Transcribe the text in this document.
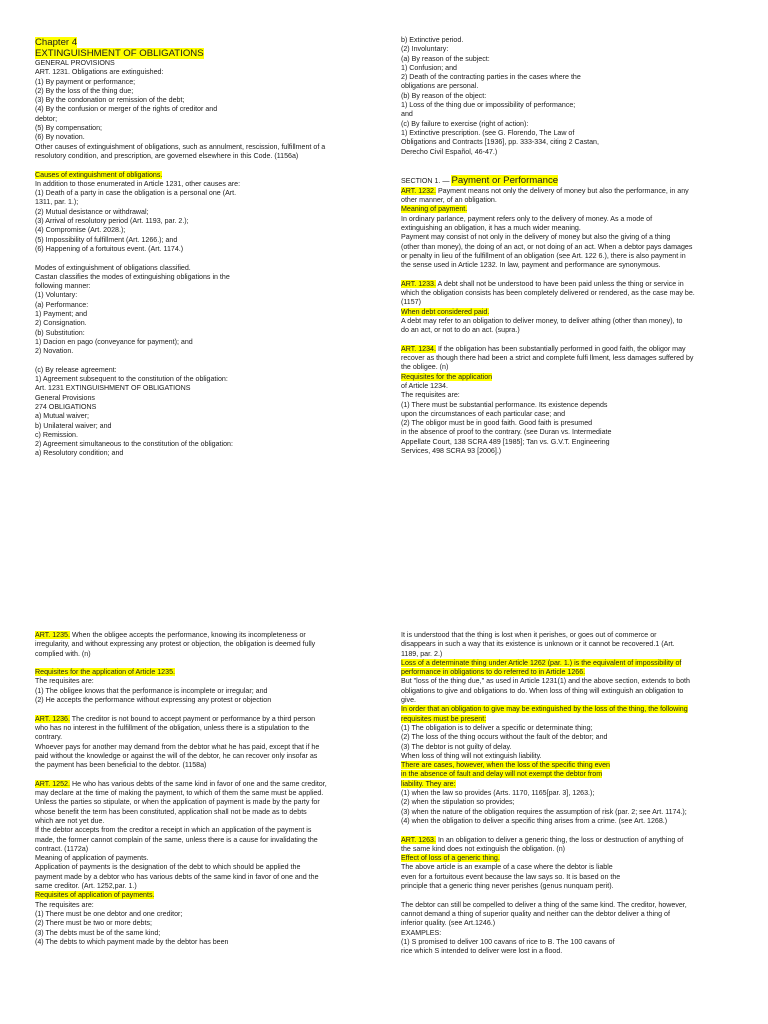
Chapter 4
EXTINGUISHMENT OF OBLIGATIONS
GENERAL PROVISIONS
ART. 1231. Obligations are extinguished:
(1) By payment or performance;
(2) By the loss of the thing due;
(3) By the condonation or remission of the debt;
(4) By the confusion or merger of the rights of creditor and
debtor;
(5) By compensation;
(6) By novation.
Other causes of extinguishment of obligations, such as annulment, rescission, fulfillment of a
resolutory condition, and prescription, are governed elsewhere in this Code. (1156a)
Causes of extinguishment of obligations.
In addition to those enumerated in Article 1231, other causes are:
(1) Death of a party in case the obligation is a personal one (Art.
1311, par. 1.);
(2) Mutual desistance or withdrawal;
(3) Arrival of resolutory period (Art. 1193, par. 2.);
(4) Compromise (Art. 2028.);
(5) Impossibility of fulfillment (Art. 1266.); and
(6) Happening of a fortuitous event. (Art. 1174.)
Modes of extinguishment of obligations classified.
Castan classifies the modes of extinguishing obligations in the
following manner:
(1) Voluntary:
(a) Performance:
1) Payment; and
2) Consignation.
(b) Substitution:
1) Dacion en pago (conveyance for payment); and
2) Novation.
(c) By release agreement:
1) Agreement subsequent to the constitution of the obligation:
Art. 1231 EXTINGUISHMENT OF OBLIGATIONS
General Provisions
274 OBLIGATIONS
a) Mutual waiver;
b) Unilateral waiver; and
c) Remission.
2) Agreement simultaneous to the constitution of the obligation:
a) Resolutory condition; and
b) Extinctive period.
(2) Involuntary:
(a) By reason of the subject:
1) Confusion; and
2) Death of the contracting parties in the cases where the
obligations are personal.
(b) By reason of the object:
1) Loss of the thing due or impossibility of performance;
and
(c) By failure to exercise (right of action):
1) Extinctive prescription. (see G. Florendo, The Law of
Obligations and Contracts [1936], pp. 333-334, citing 2 Castan,
Derecho Civil Español, 46-47.)
SECTION 1. — Payment or Performance
ART. 1232. Payment means not only the delivery of money but also the performance, in any
other manner, of an obligation.
Meaning of payment.
In ordinary parlance, payment refers only to the delivery of money. As a mode of
extinguishing an obligation, it has a much wider meaning.
Payment may consist of not only in the delivery of money but also the giving of a thing
(other than money), the doing of an act, or not doing of an act. When a debtor pays damages
or penalty in lieu of the fulfillment of an obligation (see Art. 122 6.), there is also payment in
the sense used in Article 1232. In law, payment and performance are synonymous.
ART. 1233. A debt shall not be understood to have been paid unless the thing or service in
which the obligation consists has been completely delivered or rendered, as the case may be.
(1157)
When debt considered paid.
A debt may refer to an obligation to deliver money, to deliver athing (other than money), to
do an act, or not to do an act. (supra.)
ART. 1234. If the obligation has been substantially performed in good faith, the obligor may
recover as though there had been a strict and complete fulfi llment, less damages suffered by
the obligee. (n)
Requisites for the application
of Article 1234.
The requisites are:
(1) There must be substantial performance. Its existence depends
upon the circumstances of each particular case; and
(2) The obligor must be in good faith. Good faith is presumed
in the absence of proof to the contrary. (see Duran vs. Intermediate
Appellate Court, 138 SCRA 489 [1985]; Tan vs. G.V.T. Engineering
Services, 498 SCRA 93 [2006].)
ART. 1235. When the obligee accepts the performance, knowing its incompleteness or
irregularity, and without expressing any protest or objection, the obligation is deemed fully
complied with. (n)
Requisites for the application of Article 1235.
The requisites are:
(1) The obligee knows that the performance is incomplete or irregular; and
(2) He accepts the performance without expressing any protest or objection
ART. 1236. The creditor is not bound to accept payment or performance by a third person
who has no interest in the fulfillment of the obligation, unless there is a stipulation to the
contrary.
Whoever pays for another may demand from the debtor what he has paid, except that if he
paid without the knowledge or against the will of the debtor, he can recover only insofar as
the payment has been beneficial to the debtor. (1158a)
ART. 1252. He who has various debts of the same kind in favor of one and the same creditor,
may declare at the time of making the payment, to which of them the same must be applied.
Unless the parties so stipulate, or when the application of payment is made by the party for
whose benefit the term has been constituted, application shall not be made as to debts
which are not yet due.
If the debtor accepts from the creditor a receipt in which an application of the payment is
made, the former cannot complain of the same, unless there is a cause for invalidating the
contract. (1172a)
Meaning of application of payments.
Application of payments is the designation of the debt to which should be applied the
payment made by a debtor who has various debts of the same kind in favor of one and the
same creditor. (Art. 1252,par. 1.)
Requisites of application of payments.
The requisites are:
(1) There must be one debtor and one creditor;
(2) There must be two or more debts;
(3) The debts must be of the same kind;
(4) The debts to which payment made by the debtor has been
It is understood that the thing is lost when it perishes, or goes out of commerce or
disappears in such a way that its existence is unknown or it cannot be recovered.1 (Art.
1189, par. 2.)
Loss of a determinate thing under Article 1262 (par. 1.) is the equivalent of impossibility of
performance in obligations to do referred to in Article 1266.
But "loss of the thing due," as used in Article 1231(1) and the above section, extends to both
obligations to give and obligations to do. When loss of thing will extinguish an obligation to
give.
In order that an obligation to give may be extinguished by the loss of the thing, the following
requisites must be present:
(1) The obligation is to deliver a specific or determinate thing;
(2) The loss of the thing occurs without the fault of the debtor; and
(3) The debtor is not guilty of delay.
When loss of thing will not extinguish liability.
There are cases, however, when the loss of the specific thing even
in the absence of fault and delay will not exempt the debtor from
liability. They are:
(1) when the law so provides (Arts. 1170, 1165[par. 3], 1263.);
(2) when the stipulation so provides;
(3) when the nature of the obligation requires the assumption of risk (par. 2; see Art. 1174.);
(4) when the obligation to deliver a specific thing arises from a crime. (see Art. 1268.)
ART. 1263. In an obligation to deliver a generic thing, the loss or destruction of anything of
the same kind does not extinguish the obligation. (n)
Effect of loss of a generic thing.
The above article is an example of a case where the debtor is liable
even for a fortuitous event because the law says so. It is based on the
principle that a generic thing never perishes (genus nunquam perit).
The debtor can still be compelled to deliver a thing of the same kind. The creditor, however,
cannot demand a thing of superior quality and neither can the debtor deliver a thing of
inferior quality. (see Art.1246.)
EXAMPLES:
(1) S promised to deliver 100 cavans of rice to B. The 100 cavans of
rice which S intended to deliver were lost in a flood.
